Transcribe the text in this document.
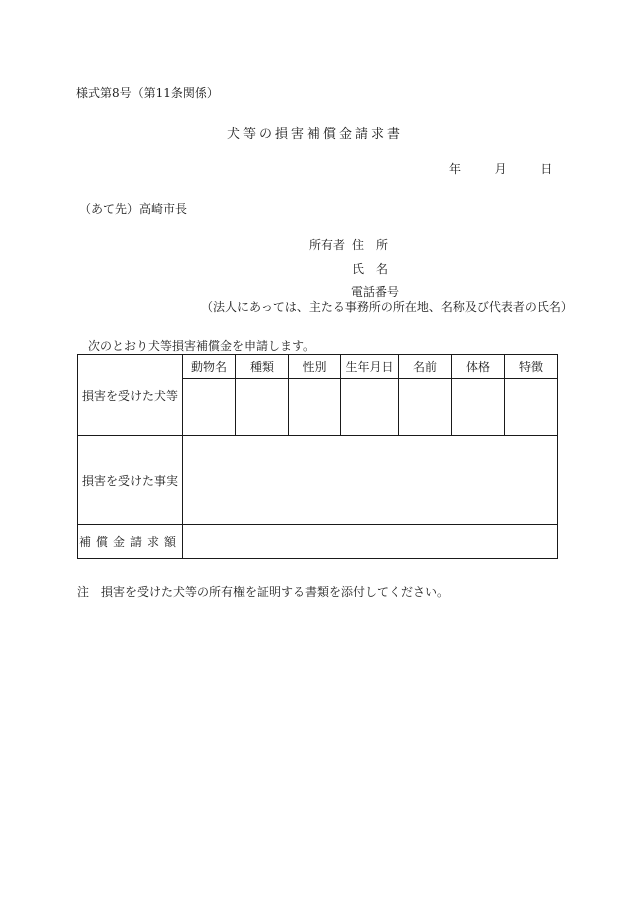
様式第8号（第11条関係）
犬等の損害補償金請求書
年	月	日
（あて先）高崎市長
所有者 住　所
氏　名
電話番号
（法人にあっては、主たる事務所の所在地、名称及び代表者の氏名）
次のとおり犬等損害補償金を申請します。
損害を受けた犬等	動物名	種類	性別	生年月日	名前	体格	特徴

損害を受けた事実							
補償金請求額							
注　損害を受けた犬等の所有権を証明する書類を添付してください。
